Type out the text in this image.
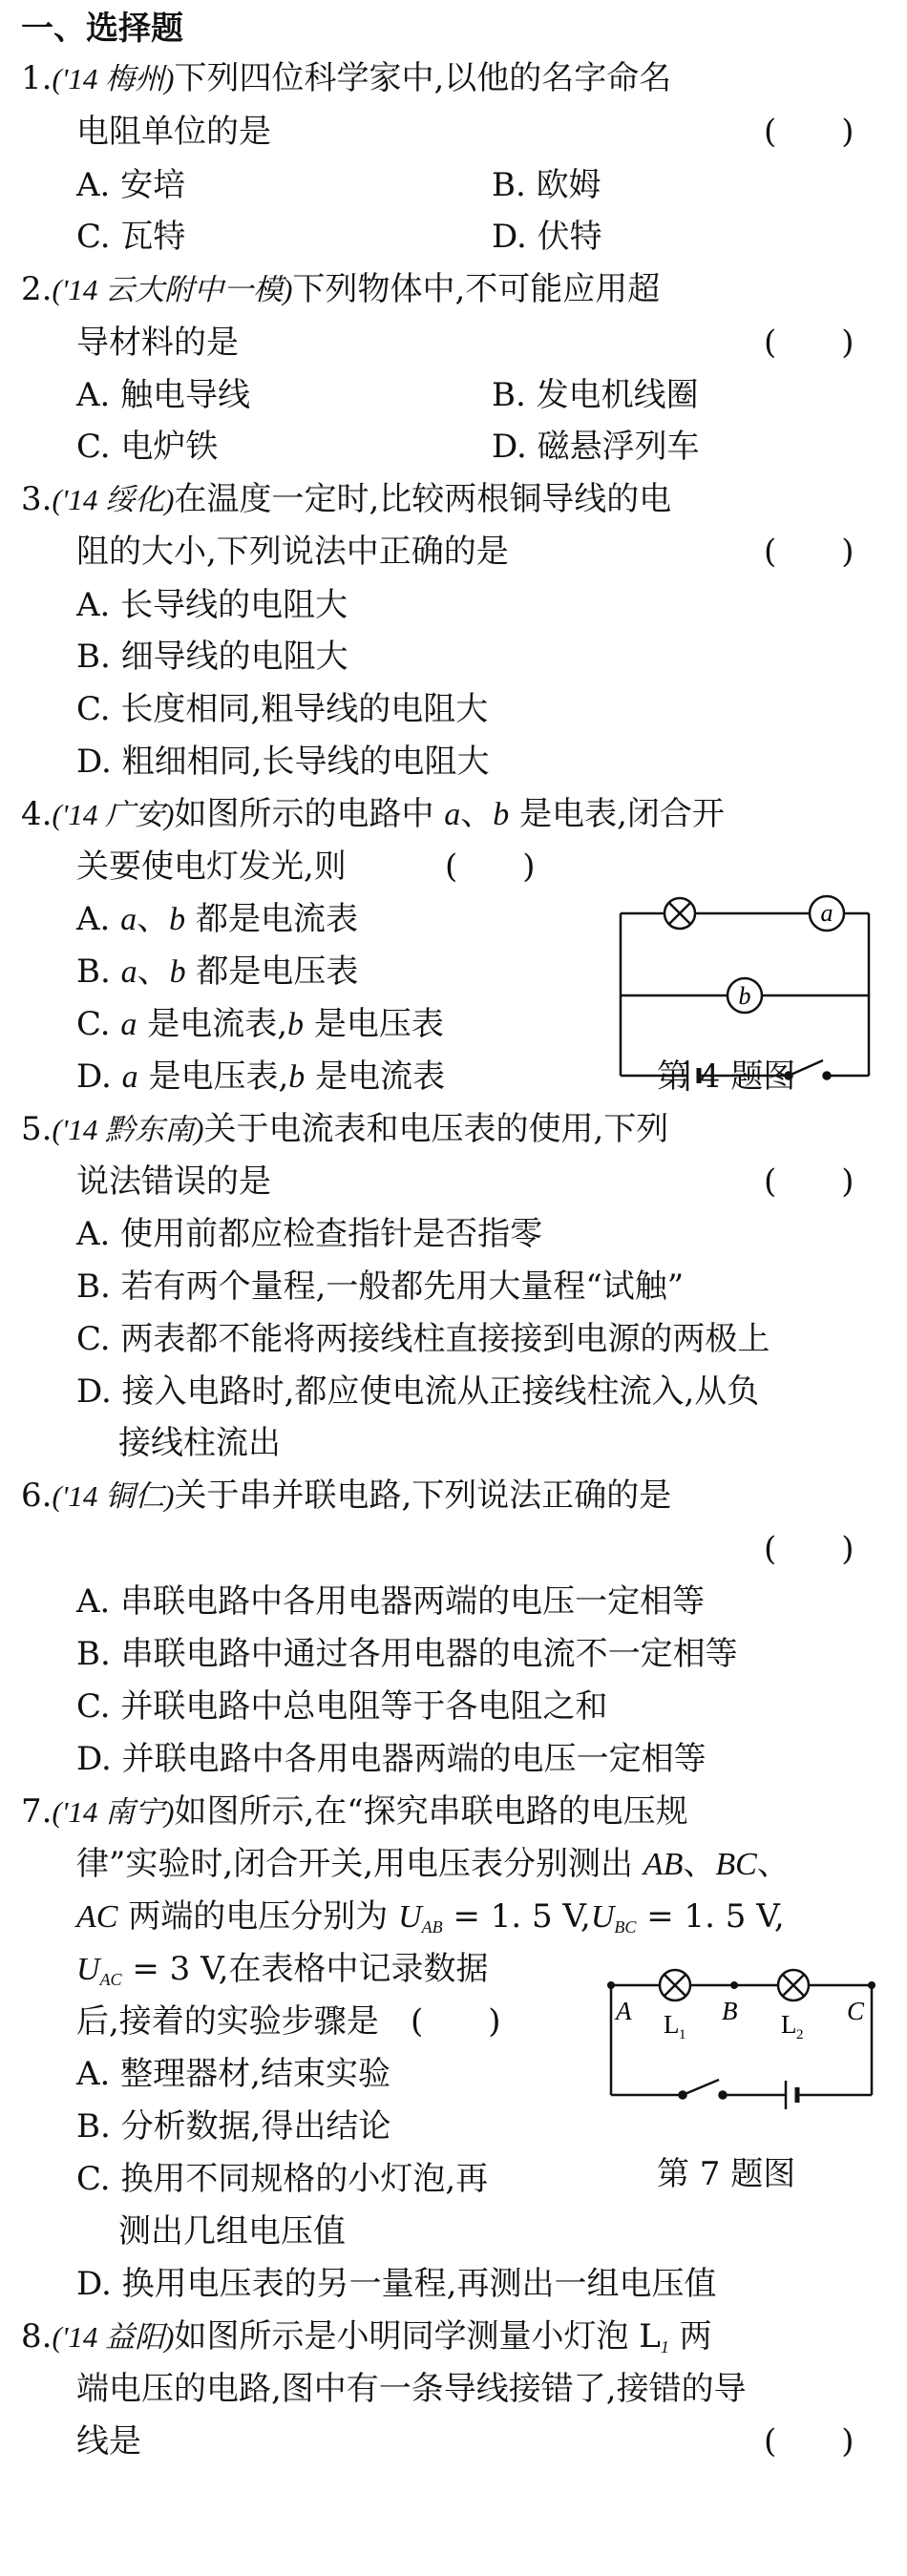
一、选择题
1.('14 梅州)下列四位科学家中,以他的名字命名
电阻单位的是	(　　)
A. 安培	B. 欧姆
C. 瓦特	D. 伏特
2.('14 云大附中一模)下列物体中,不可能应用超
导材料的是	(　　)
A. 触电导线	B. 发电机线圈
C. 电炉铁	D. 磁悬浮列车
3.('14 绥化)在温度一定时,比较两根铜导线的电
阻的大小,下列说法中正确的是	(　　)
A. 长导线的电阻大
B. 细导线的电阻大
C. 长度相同,粗导线的电阻大
D. 粗细相同,长导线的电阻大
4.('14 广安)如图所示的电路中 a、b 是电表,闭合开
关要使电灯发光,则	(　　)
A. a、b 都是电流表
B. a、b 都是电压表
C. a 是电流表,b 是电压表
D. a 是电压表,b 是电流表
a
b
第 4 题图
5.('14 黔东南)关于电流表和电压表的使用,下列
说法错误的是	(　　)
A. 使用前都应检查指针是否指零
B. 若有两个量程,一般都先用大量程“试触”
C. 两表都不能将两接线柱直接接到电源的两极上
D. 接入电路时,都应使电流从正接线柱流入,从负
接线柱流出
6.('14 铜仁)关于串并联电路,下列说法正确的是
(　　)
A. 串联电路中各用电器两端的电压一定相等
B. 串联电路中通过各用电器的电流不一定相等
C. 并联电路中总电阻等于各电阻之和
D. 并联电路中各用电器两端的电压一定相等
7.('14 南宁)如图所示,在“探究串联电路的电压规
律”实验时,闭合开关,用电压表分别测出 AB、BC、
AC 两端的电压分别为 $U_{AB} = 1$. 5 $V,U_{BC} = 1$. 5 V,
$U_{AC} = 3$ V,在表格中记录数据
后,接着的实验步骤是 (　　)
A. 整理器材,结束实验
B. 分析数据,得出结论
C. 换用不同规格的小灯泡,再
测出几组电压值
D. 换用电压表的另一量程,再测出一组电压值
A	B	C
L 1	L 2
第 7 题图
8.('14 益阳)如图所示是小明同学测量小灯泡 $L_1$ 两
端电压的电路,图中有一条导线接错了,接错的导
线是	(　　)
